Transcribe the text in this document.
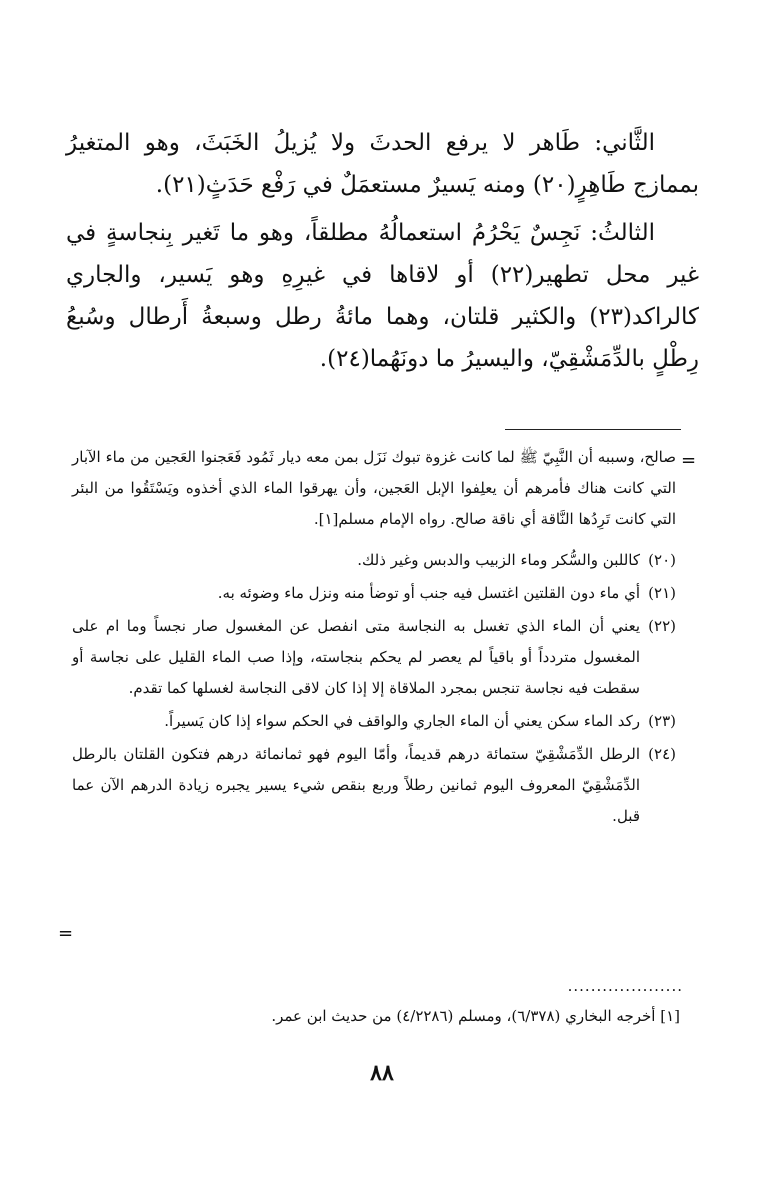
الثَّاني: طَاهر لا يرفع الحدثَ ولا يُزيلُ الخَبَثَ، وهو المتغيرُ بممازج طَاهِرٍ(٢٠) ومنه يَسيرٌ مستعمَلٌ في رَفْع حَدَثٍ(٢١).

الثالثُ: نَجِسٌ يَحْرُمُ استعمالُهُ مطلقاً، وهو ما تَغير بِنجاسةٍ في غير محل تطهير(٢٢) أو لاقاها في غيرِهِ وهو يَسير، والجاري كالراكد(٢٣) والكثير قلتان، وهما مائةُ رطل وسبعةُ أَرطال وسُبعُ رِطْلٍ بالدِّمَشْقِيّ، واليسيرُ ما دونَهُما(٢٤).

=
صالح، وسببه أن النَّبِيّ ﷺ لما كانت غزوة تبوك نَزَل بمن معه ديار ثَمُود فَعَجنوا العَجين من ماء الآبار التي كانت هناك فأمرهم أن يعلِفوا الإبل العَجين، وأن يهرقوا الماء الذي أخذوه ويَسْتَقُوا من البئر التي كانت تَرِدُها النَّاقة أي ناقة صالح. رواه الإمام مسلم[١].
(٢٠)
كاللبن والسُّكر وماء الزبيب والدبس وغير ذلك.
(٢١)
أي ماء دون القلتين اغتسل فيه جنب أو توضأ منه ونزل ماء وضوئه به.
(٢٢)
يعني أن الماء الذي تغسل به النجاسة متى انفصل عن المغسول صار نجساً وما ام على المغسول متردداً أو باقياً لم يعصر لم يحكم بنجاسته، وإذا صب الماء القليل على نجاسة أو سقطت فيه نجاسة تنجس بمجرد الملاقاة إلا إذا كان لاقى النجاسة لغسلها كما تقدم.
(٢٣)
ركد الماء سكن يعني أن الماء الجاري والواقف في الحكم سواء إذا كان يَسيراً.
(٢٤)
الرطل الدِّمَشْقِيّ ستمائة درهم قديماً، وأمّا اليوم فهو ثمانمائة درهم فتكون القلتان بالرطل الدِّمَشْقِيّ المعروف اليوم ثمانين رطلاً وربع بنقص شيء يسير يجبره زيادة الدرهم الآن عما قبل.
=
....................
[١] أخرجه البخاري (٦/٣٧٨)، ومسلم (٤/٢٢٨٦) من حديث ابن عمر.
٨٨
